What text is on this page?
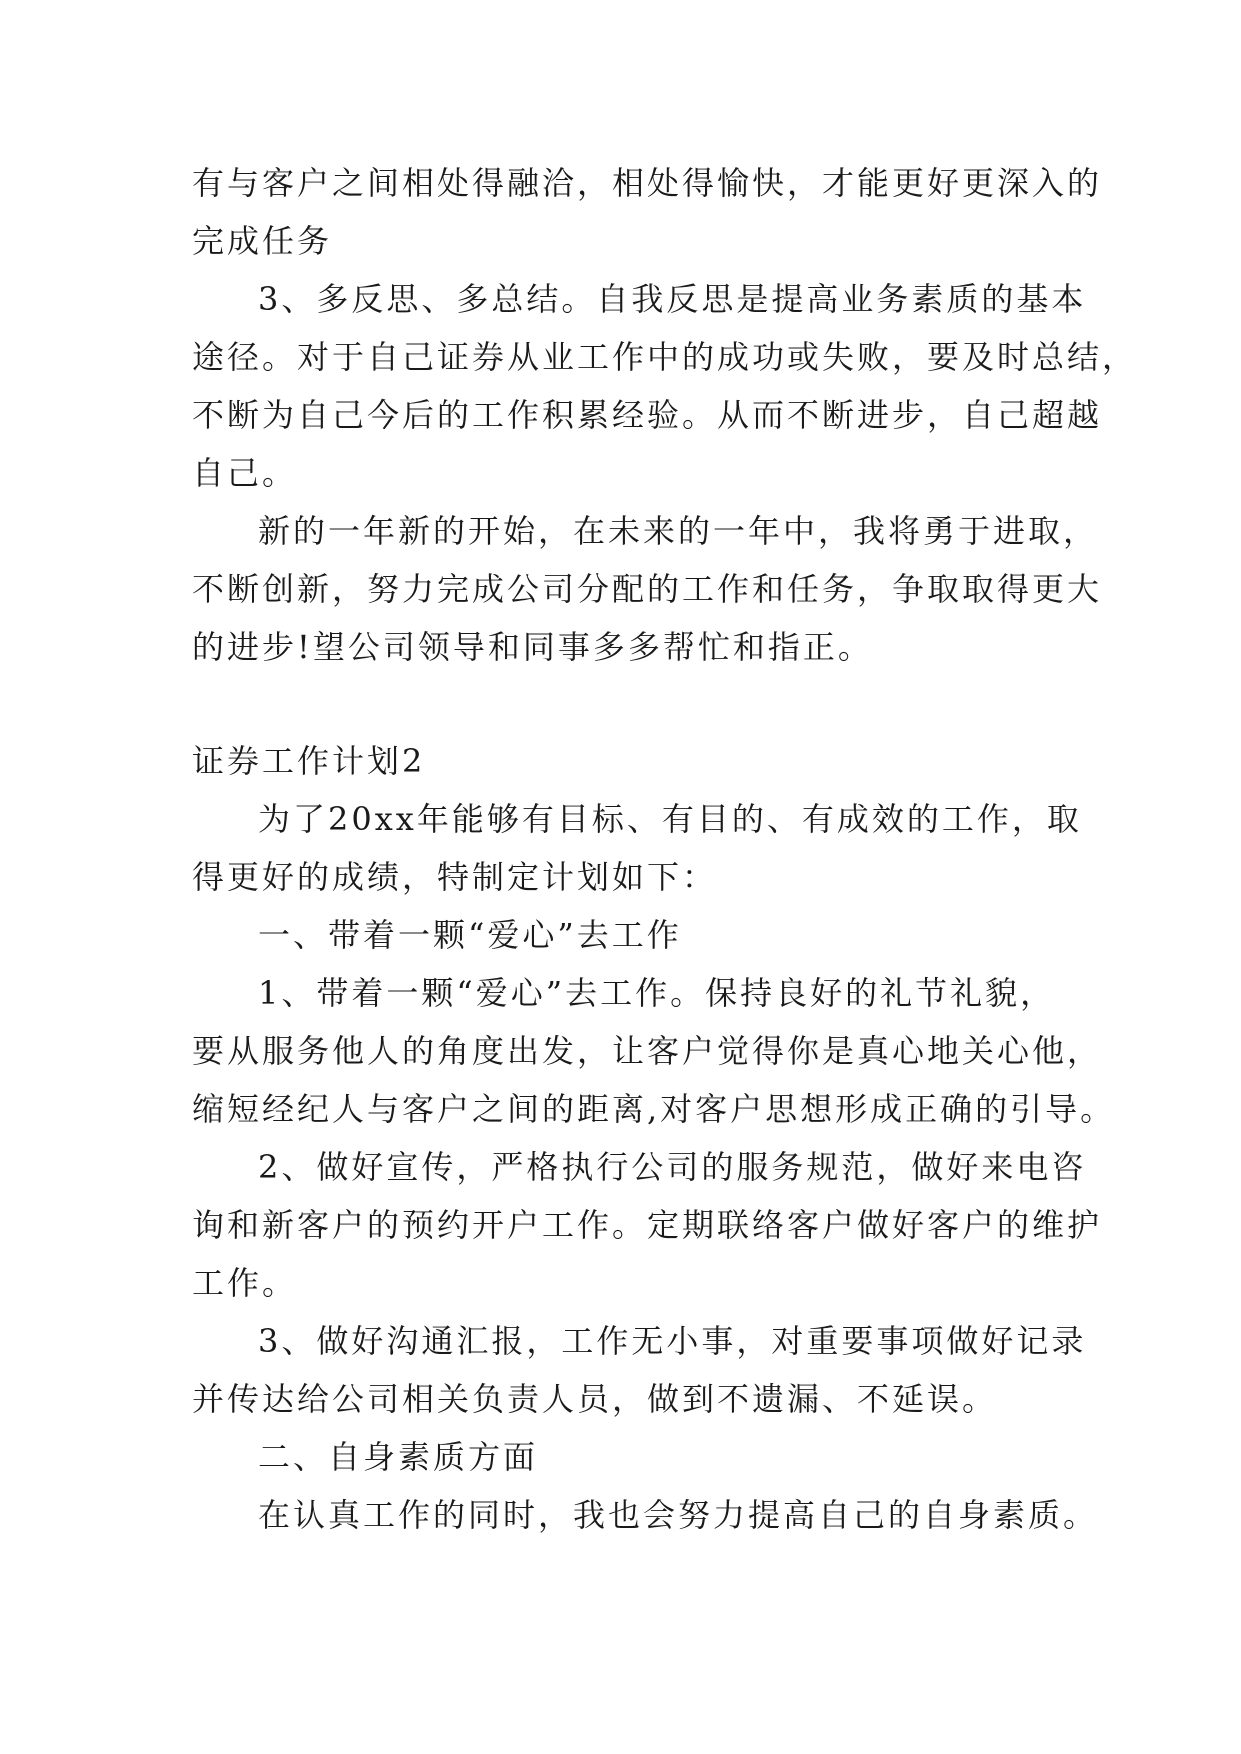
有与客户之间相处得融洽，相处得愉快，才能更好更深入的
完成任务
3、多反思、多总结。自我反思是提高业务素质的基本
途径。对于自己证券从业工作中的成功或失败，要及时总结，
不断为自己今后的工作积累经验。从而不断进步，自己超越
自己。
新的一年新的开始，在未来的一年中，我将勇于进取，
不断创新，努力完成公司分配的工作和任务，争取取得更大
的进步!望公司领导和同事多多帮忙和指正。
证券工作计划2
为了20xx年能够有目标、有目的、有成效的工作，取
得更好的成绩，特制定计划如下：
一、带着一颗“爱心”去工作
1、带着一颗“爱心”去工作。保持良好的礼节礼貌，
要从服务他人的角度出发，让客户觉得你是真心地关心他，
缩短经纪人与客户之间的距离,对客户思想形成正确的引导。
2、做好宣传，严格执行公司的服务规范，做好来电咨
询和新客户的预约开户工作。定期联络客户做好客户的维护
工作。
3、做好沟通汇报，工作无小事，对重要事项做好记录
并传达给公司相关负责人员，做到不遗漏、不延误。
二、自身素质方面
在认真工作的同时，我也会努力提高自己的自身素质。
